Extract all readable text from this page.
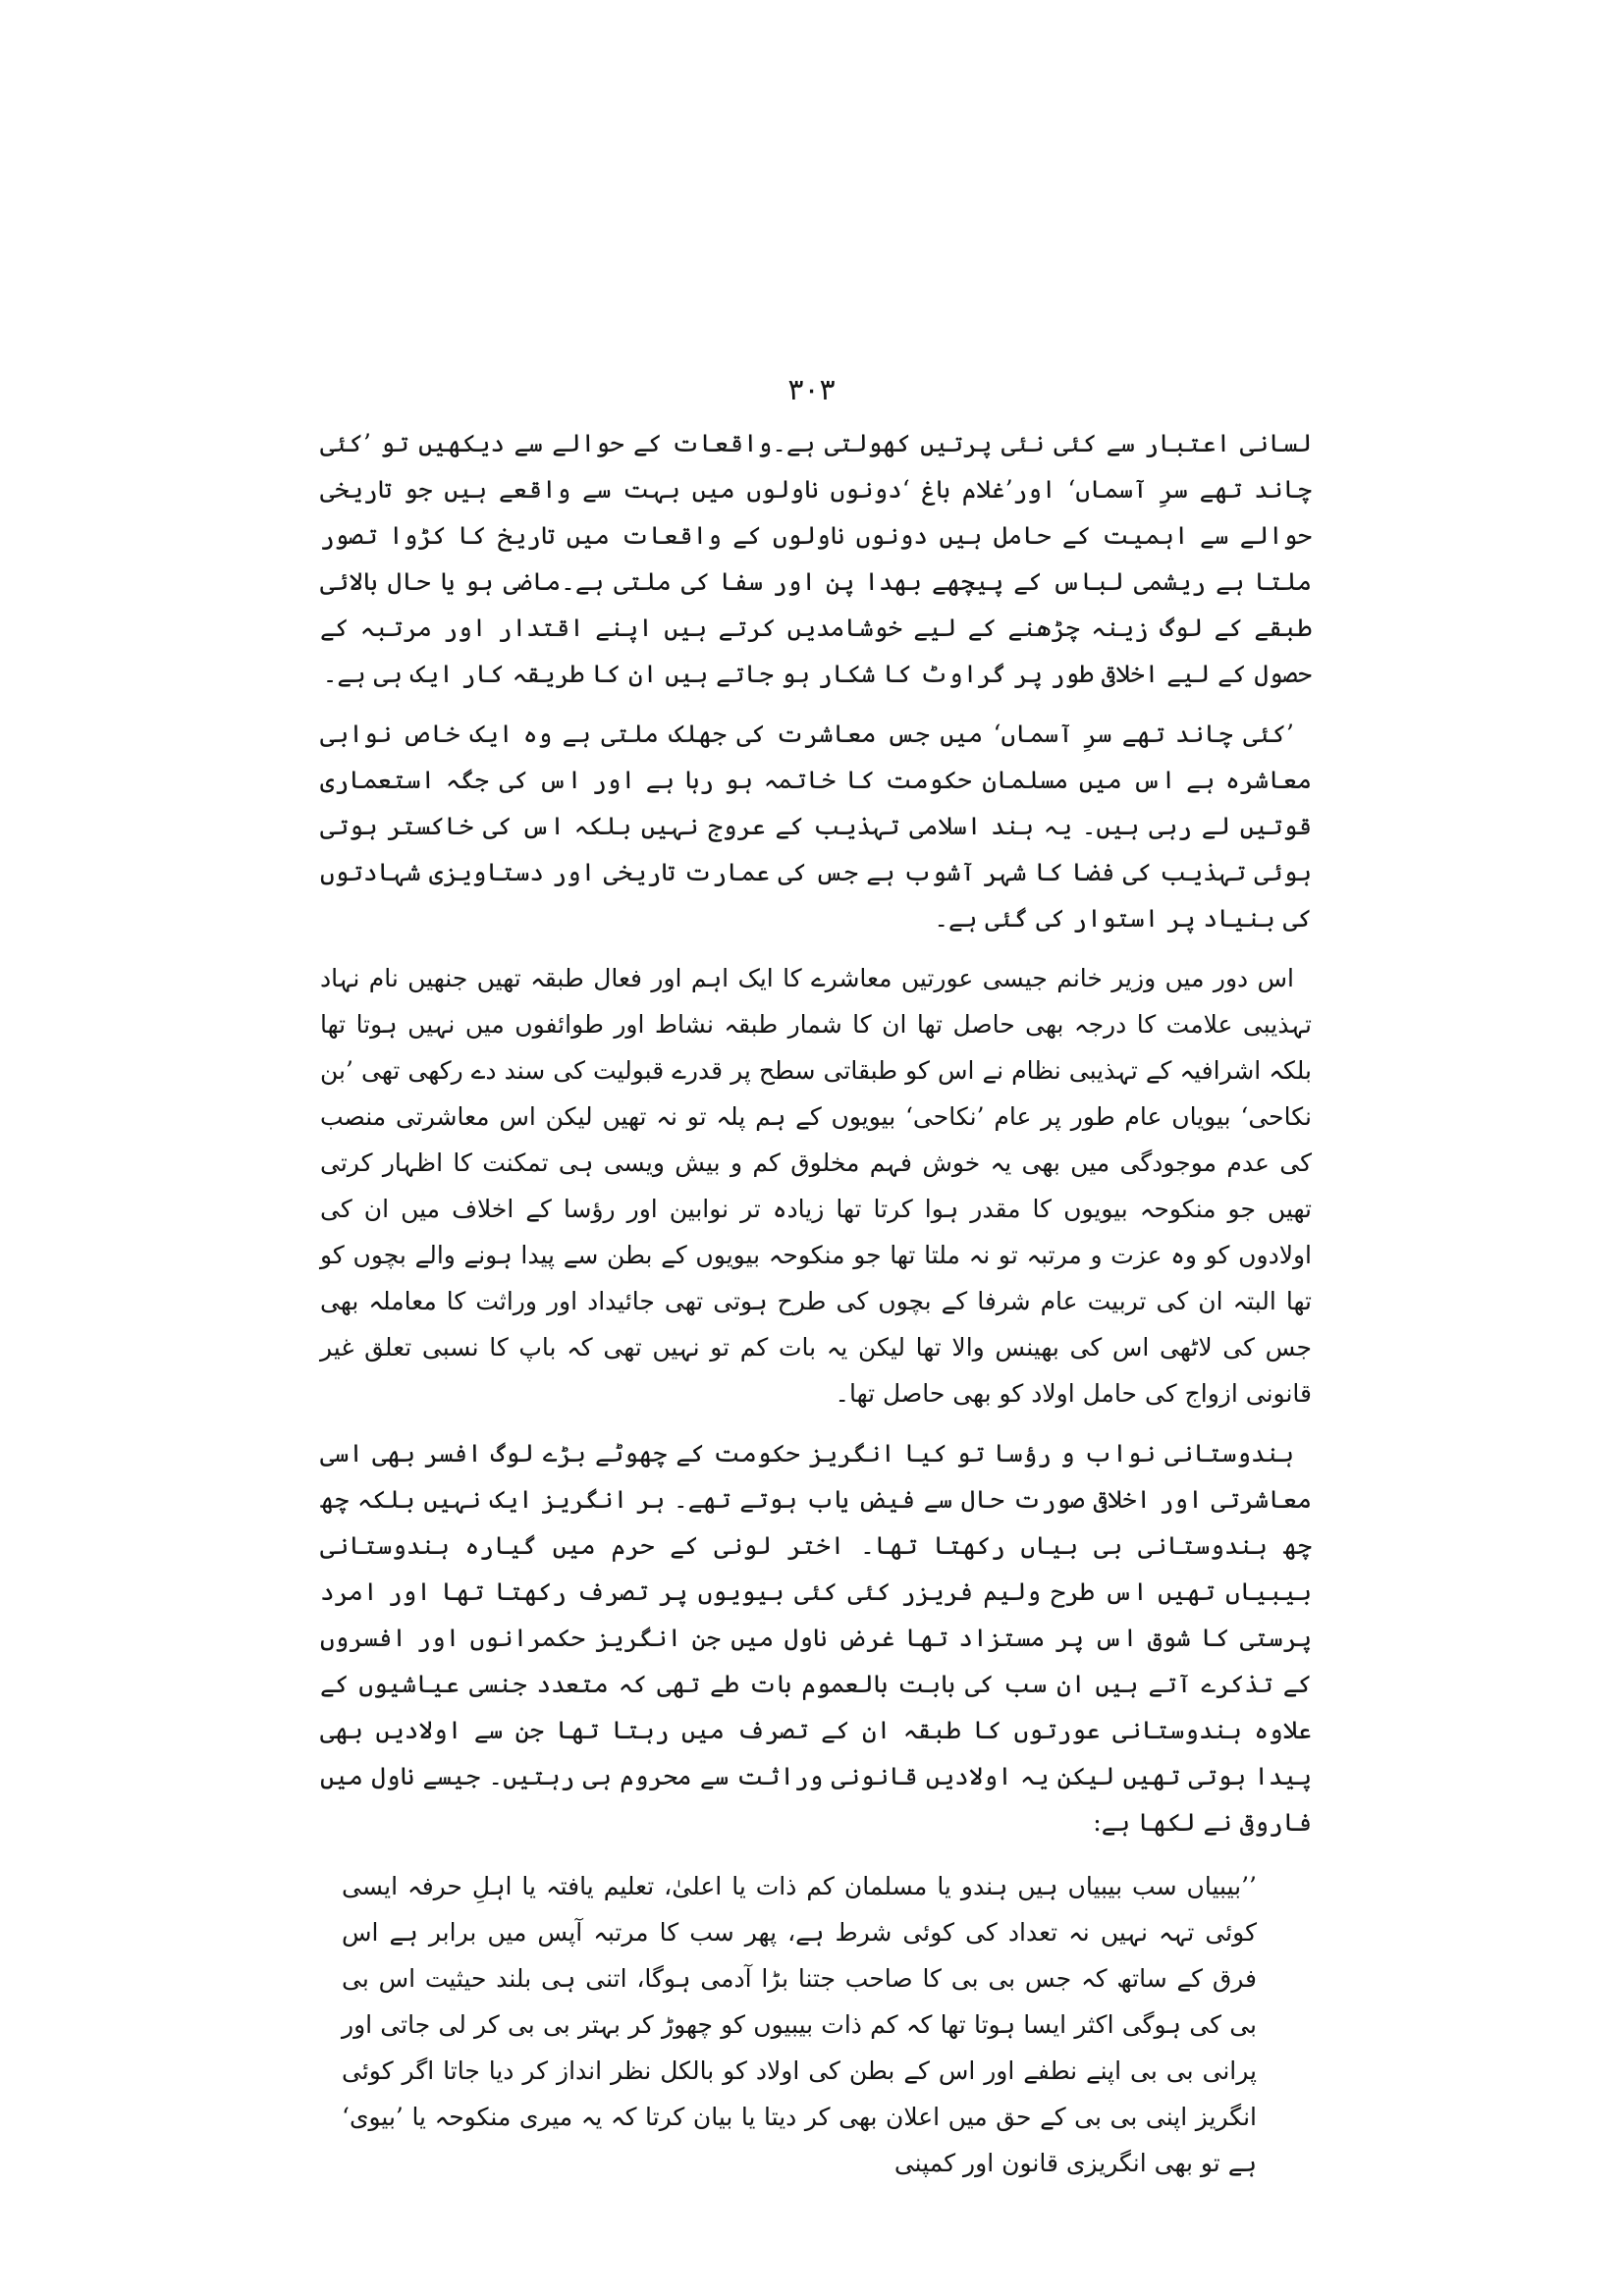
۳۰۳

لسانی اعتبار سے کئی نئی پرتیں کھولتی ہے۔واقعات کے حوالے سے دیکھیں تو ’کئی چاند تھے سرِ آسماں‘ اور’غلام باغ ‘دونوں ناولوں میں بہت سے واقعے ہیں جو تاریخی حوالے سے اہمیت کے حامل ہیں دونوں ناولوں کے واقعات میں تاریخ کا کڑوا تصور ملتا ہے ریشمی لباس کے پیچھے بھدا پن اور سفا کی ملتی ہے۔ماضی ہو یا حال بالائی طبقے کے لوگ زینہ چڑھنے کے لیے خوشامدیں کرتے ہیں اپنے اقتدار اور مرتبہ کے حصول کے لیے اخلاقی طور پر گراوٹ کا شکار ہو جاتے ہیں ان کا طریقہ کار ایک ہی ہے۔

’کئی چاند تھے سرِ آسماں‘ میں جس معاشرت کی جھلک ملتی ہے وہ ایک خاص نوابی معاشرہ ہے اس میں مسلمان حکومت کا خاتمہ ہو رہا ہے اور اس کی جگہ استعماری قوتیں لے رہی ہیں۔ یہ ہند اسلامی تہذیب کے عروج نہیں بلکہ اس کی خاکستر ہوتی ہوئی تہذیب کی فضا کا شہر آشوب ہے جس کی عمارت تاریخی اور دستاویزی شہادتوں کی بنیاد پر استوار کی گئی ہے۔

اس دور میں وزیر خانم جیسی عورتیں معاشرے کا ایک اہم اور فعال طبقہ تھیں جنھیں نام نہاد تہذیبی علامت کا درجہ بھی حاصل تھا ان کا شمار طبقہ نشاط اور طوائفوں میں نہیں ہوتا تھا بلکہ اشرافیہ کے تہذیبی نظام نے اس کو طبقاتی سطح پر قدرے قبولیت کی سند دے رکھی تھی ’بن نکاحی‘ بیویاں عام طور پر عام ’نکاحی‘ بیویوں کے ہم پلہ تو نہ تھیں لیکن اس معاشرتی منصب کی عدم موجودگی میں بھی یہ خوش فہم مخلوق کم و بیش ویسی ہی تمکنت کا اظہار کرتی تھیں جو منکوحہ بیویوں کا مقدر ہوا کرتا تھا زیادہ تر نوابین اور رؤسا کے اخلاف میں ان کی اولادوں کو وہ عزت و مرتبہ تو نہ ملتا تھا جو منکوحہ بیویوں کے بطن سے پیدا ہونے والے بچوں کو تھا البتہ ان کی تربیت عام شرفا کے بچوں کی طرح ہوتی تھی جائیداد اور وراثت کا معاملہ بھی جس کی لاٹھی اس کی بھینس والا تھا لیکن یہ بات کم تو نہیں تھی کہ باپ کا نسبی تعلق غیر قانونی ازواج کی حامل اولاد کو بھی حاصل تھا۔

ہندوستانی نواب و رؤسا تو کیا انگریز حکومت کے چھوٹے بڑے لوگ افسر بھی اسی معاشرتی اور اخلاقی صورت حال سے فیض یاب ہوتے تھے۔ ہر انگریز ایک نہیں بلکہ چھ چھ ہندوستانی بی بیاں رکھتا تھا۔ اختر لونی کے حرم میں گیارہ ہندوستانی بیبیاں تھیں اس طرح ولیم فریزر کئی کئی بیویوں پر تصرف رکھتا تھا اور امرد پرستی کا شوق اس پر مستزاد تھا غرض ناول میں جن انگریز حکمرانوں اور افسروں کے تذکرے آتے ہیں ان سب کی بابت بالعموم بات طے تھی کہ متعدد جنسی عیاشیوں کے علاوہ ہندوستانی عورتوں کا طبقہ ان کے تصرف میں رہتا تھا جن سے اولادیں بھی پیدا ہوتی تھیں لیکن یہ اولادیں قانونی وراثت سے محروم ہی رہتیں۔ جیسے ناول میں فاروقی نے لکھا ہے:

’’بیبیاں سب بیبیاں ہیں ہندو یا مسلمان کم ذات یا اعلیٰ، تعلیم یافتہ یا اہلِ حرفہ ایسی کوئی تہہ نہیں نہ تعداد کی کوئی شرط ہے، پھر سب کا مرتبہ آپس میں برابر ہے اس فرق کے ساتھ کہ جس بی بی کا صاحب جتنا بڑا آدمی ہوگا، اتنی ہی بلند حیثیت اس بی بی کی ہوگی اکثر ایسا ہوتا تھا کہ کم ذات بیبیوں کو چھوڑ کر بہتر بی بی کر لی جاتی اور پرانی بی بی اپنے نطفے اور اس کے بطن کی اولاد کو بالکل نظر انداز کر دیا جاتا اگر کوئی انگریز اپنی بی بی کے حق میں اعلان بھی کر دیتا یا بیان کرتا کہ یہ میری منکوحہ یا ’بیوی‘ ہے تو بھی انگریزی قانون اور کمپنی
